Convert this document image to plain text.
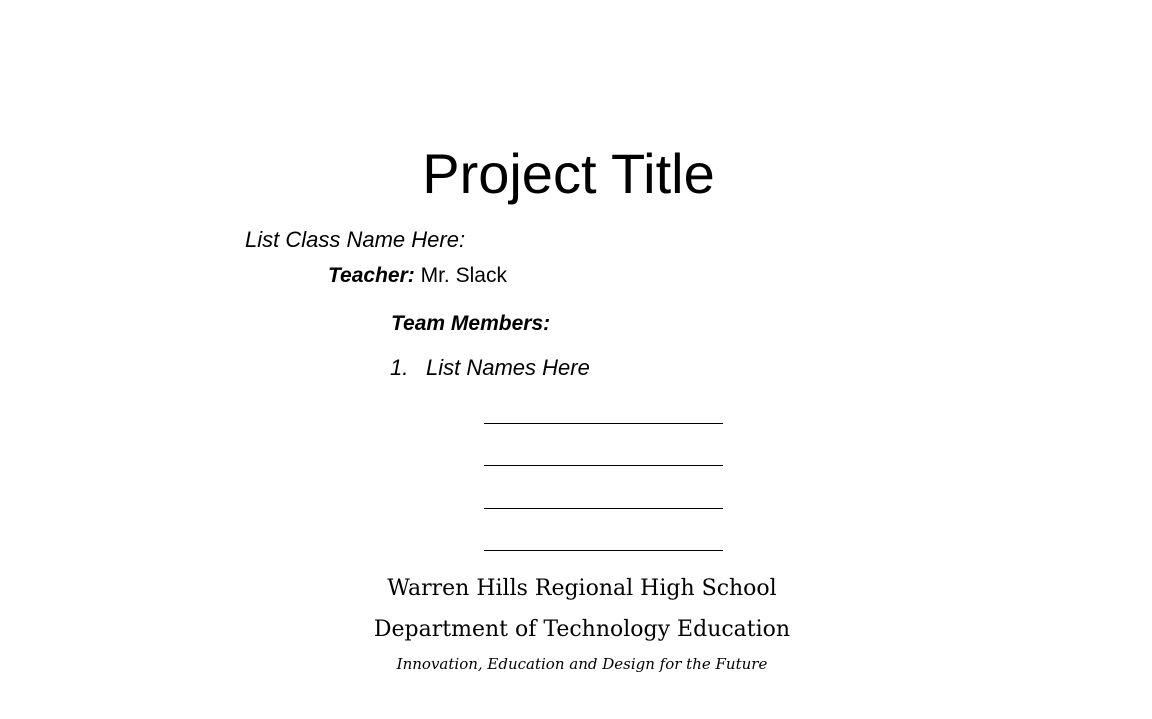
Project Title
List Class Name Here:
Teacher: Mr. Slack
Team Members:
1. List Names Here
Warren Hills Regional High School
Department of Technology Education
Innovation, Education and Design for the Future
